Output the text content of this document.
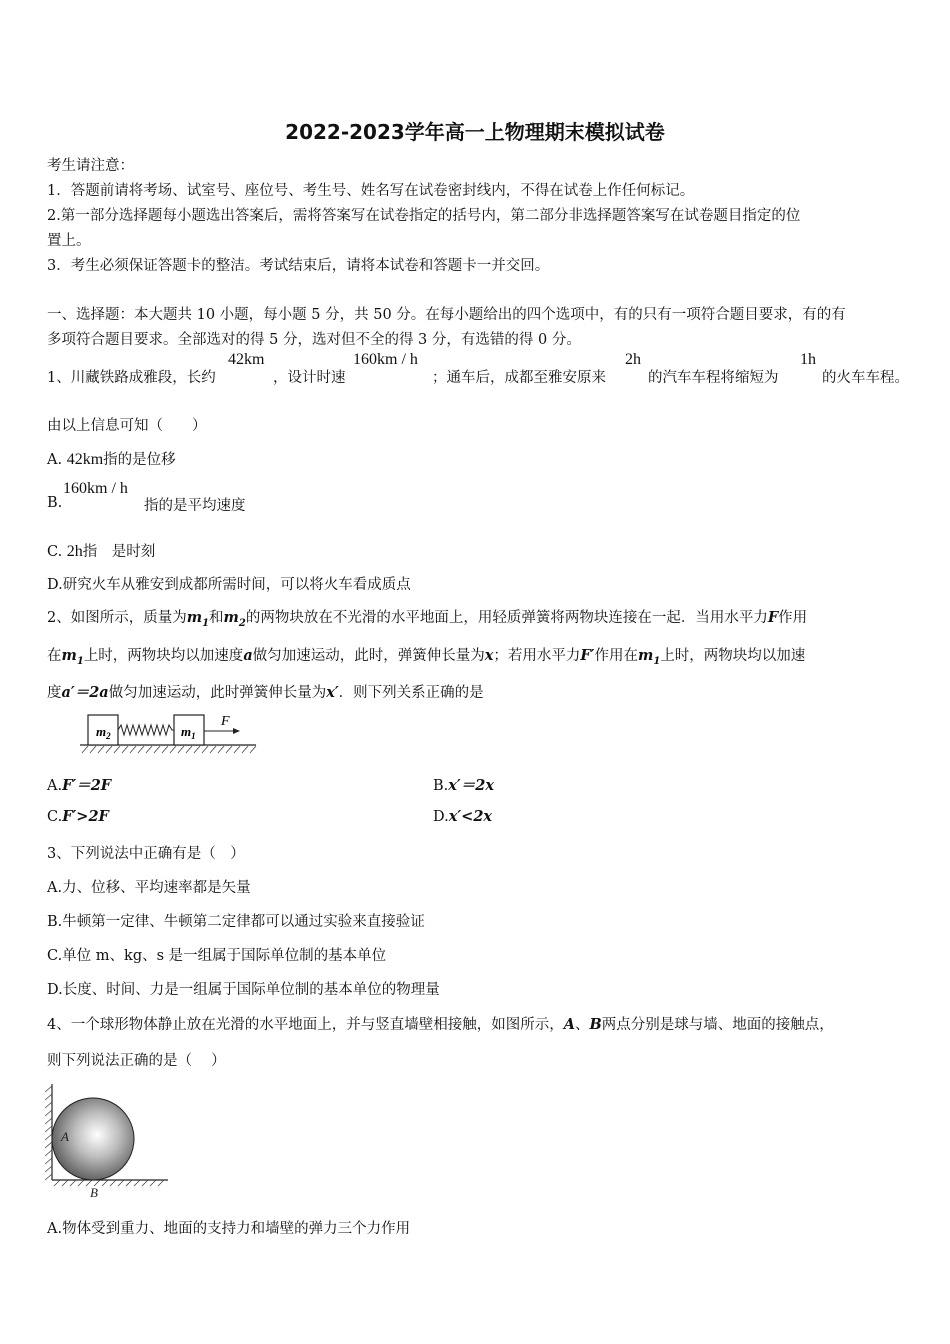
2022-2023学年高一上物理期末模拟试卷
考生请注意：
1．答题前请将考场、试室号、座位号、考生号、姓名写在试卷密封线内，不得在试卷上作任何标记。
2.第一部分选择题每小题选出答案后，需将答案写在试卷指定的括号内，第二部分非选择题答案写在试卷题目指定的位
置上。
3．考生必须保证答题卡的整洁。考试结束后，请将本试卷和答题卡一并交回。
一、选择题：本大题共 10 小题，每小题 5 分，共 50 分。在每小题给出的四个选项中，有的只有一项符合题目要求，有的有
多项符合题目要求。全部选对的得 5 分，选对但不全的得 3 分，有选错的得 0 分。
1、川藏铁路成雅段，长约
42km
，设计时速
160km / h
；通车后，成都至雅安原来
2h
的汽车车程将缩短为
1h
的火车车程。
由以上信息可知（　　）
A. 42km指的是位移
B.
160km / h
指的是平均速度
C. 2h指　是时刻
D.研究火车从雅安到成都所需时间，可以将火车看成质点
2、如图所示，质量为$m_1$和$m_2$的两物块放在不光滑的水平地面上，用轻质弹簧将两物块连接在一起．当用水平力F作用
在$m_1$上时，两物块均以加速度a做匀加速运动，此时，弹簧伸长量为x；若用水平力F′作用在$m_1$上时，两物块均以加速
度a′＝2a做匀加速运动，此时弹簧伸长量为x′．则下列关系正确的是
$m_2$	$m_1$
F
A.F′＝2F	B.x′＝2x
C.F′>2F	D.x′<2x
3、下列说法中正确有是（　）
A.力、位移、平均速率都是矢量
B.牛顿第一定律、牛顿第二定律都可以通过实验来直接验证
C.单位 m、kg、s 是一组属于国际单位制的基本单位
D.长度、时间、力是一组属于国际单位制的基本单位的物理量
4、一个球形物体静止放在光滑的水平地面上，并与竖直墙壁相接触，如图所示，A、B两点分别是球与墙、地面的接触点，
则下列说法正确的是（　 ）
A
B
A.物体受到重力、地面的支持力和墙壁的弹力三个力作用
